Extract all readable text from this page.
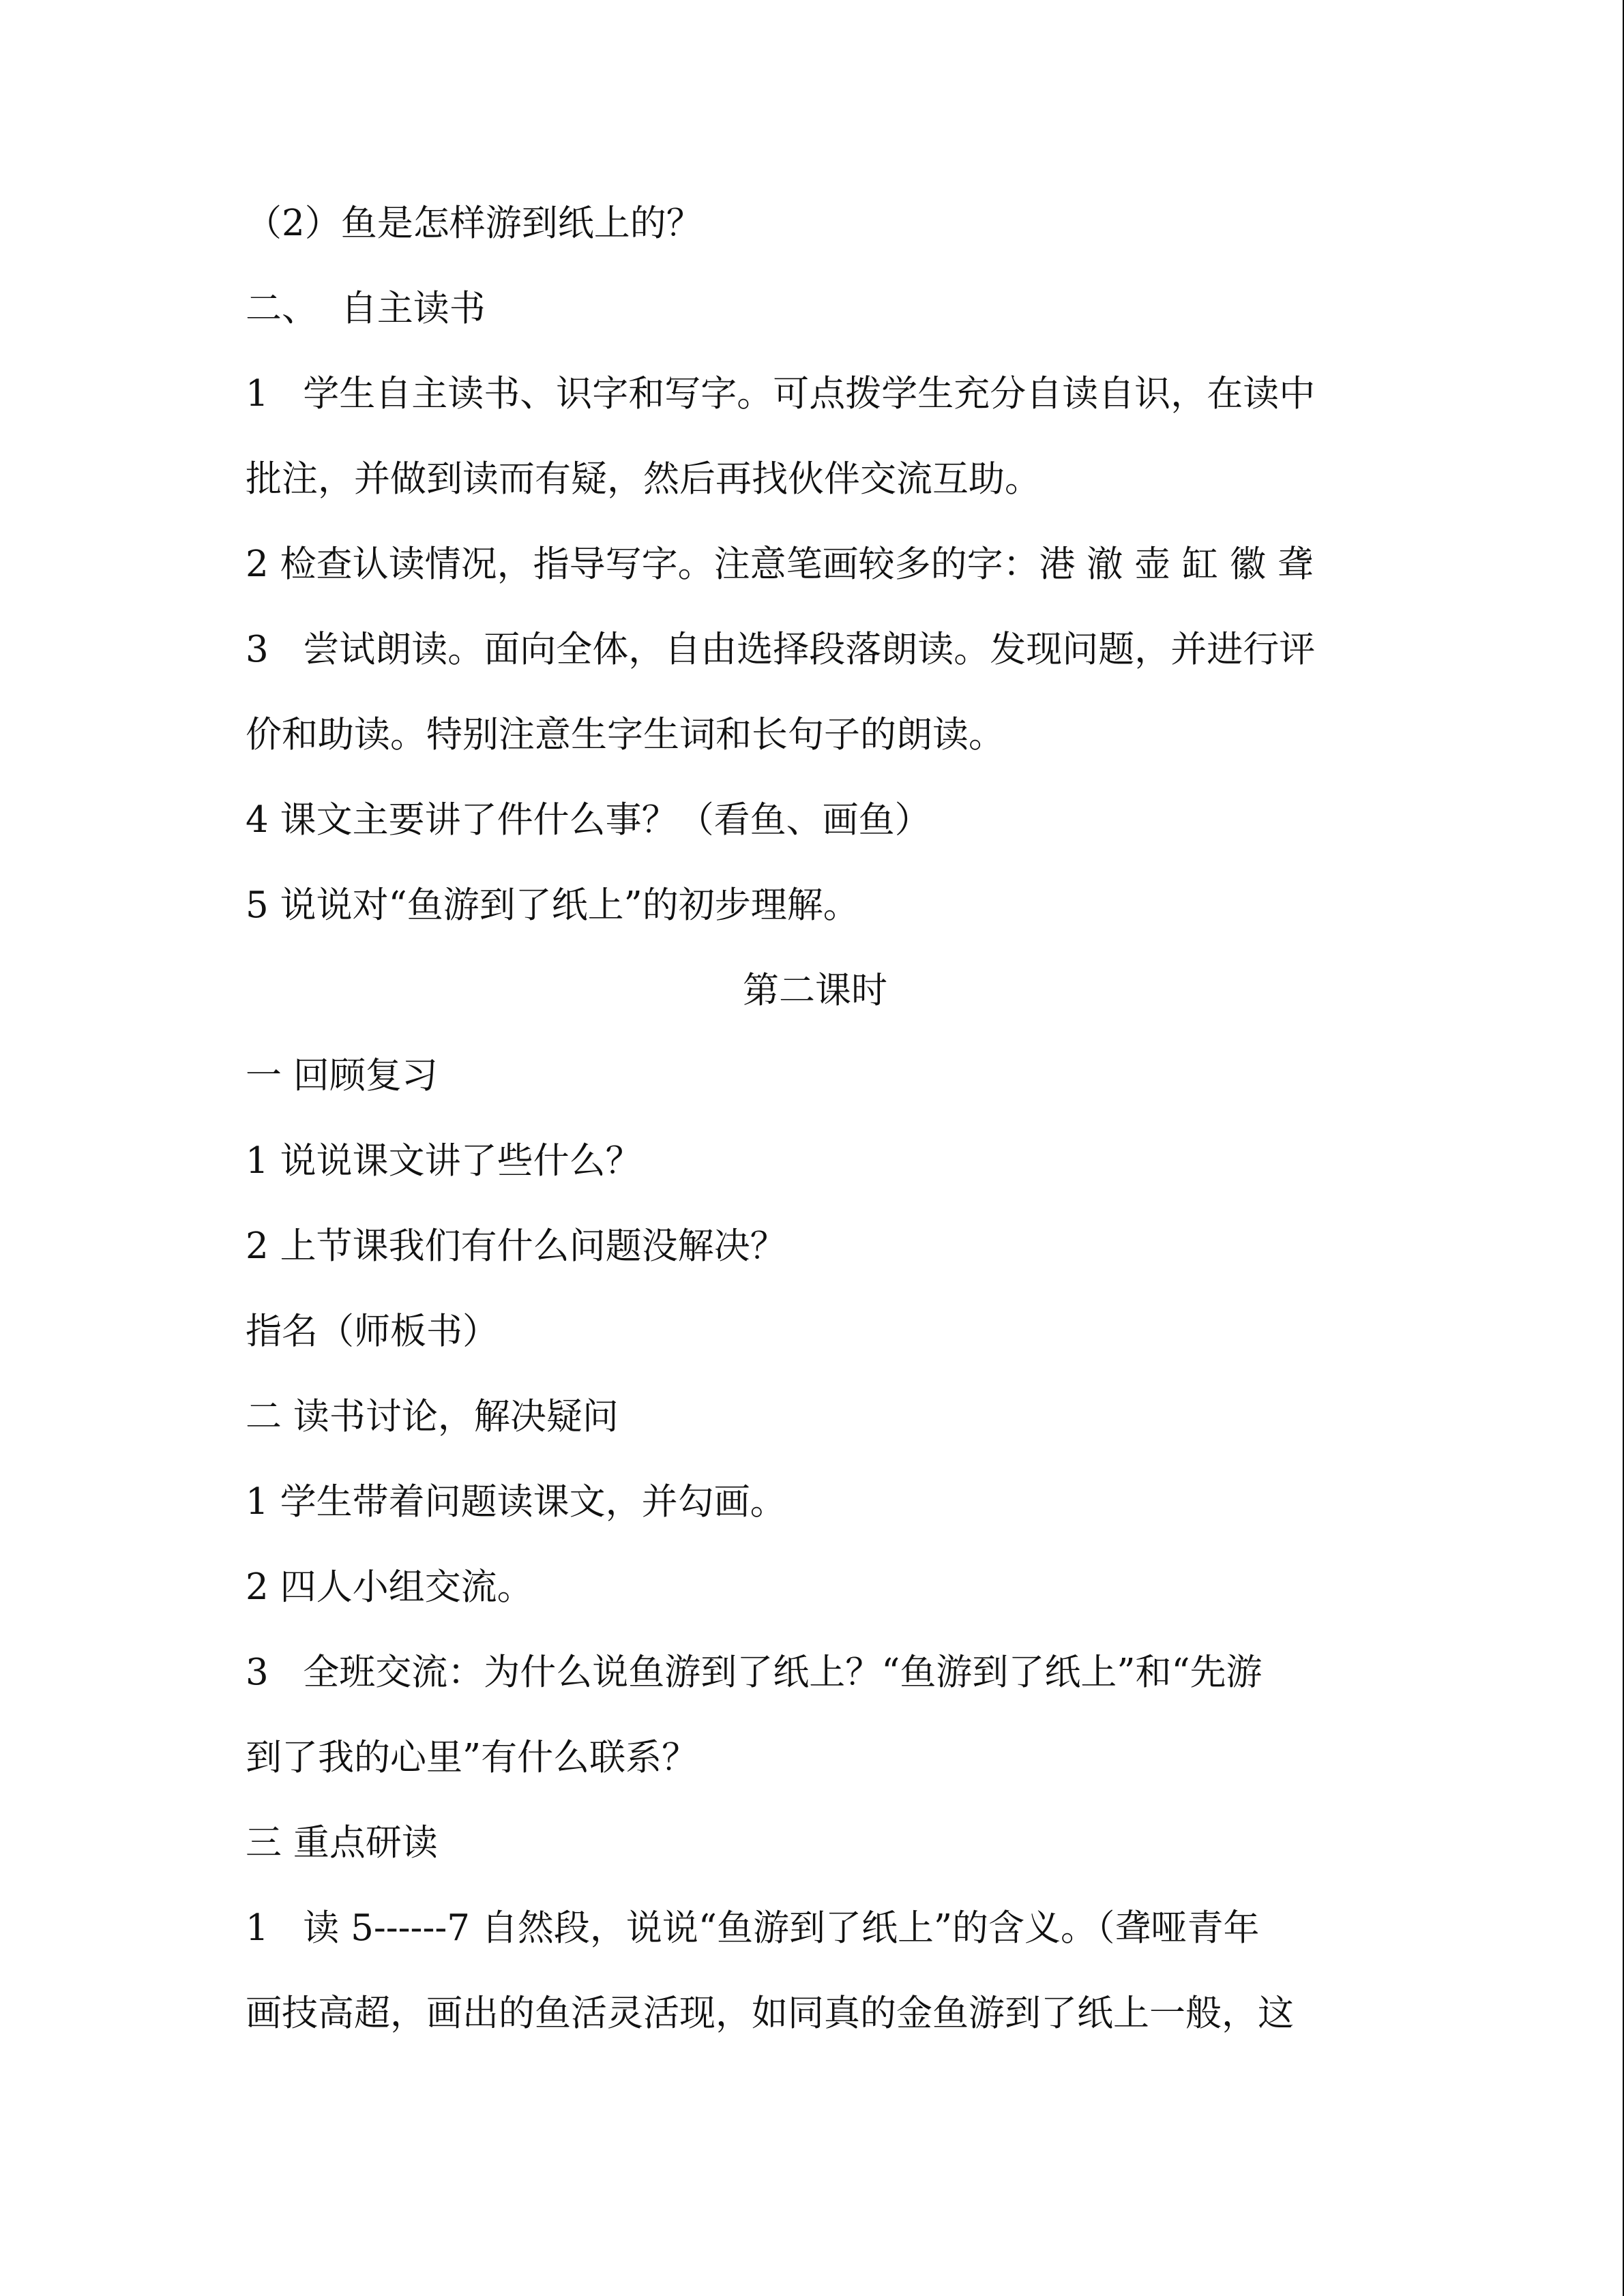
（2）鱼是怎样游到纸上的？
二、  自主读书
1   学生自主读书、识字和写字。可点拨学生充分自读自识，在读中
批注，并做到读而有疑，然后再找伙伴交流互助。
2 检查认读情况，指导写字。注意笔画较多的字：港 澈 壶 缸 徽 聋
3   尝试朗读。面向全体，自由选择段落朗读。发现问题，并进行评
价和助读。特别注意生字生词和长句子的朗读。
4 课文主要讲了件什么事？（看鱼、画鱼）
5 说说对“鱼游到了纸上”的初步理解。
第二课时
一 回顾复习
1 说说课文讲了些什么？
2 上节课我们有什么问题没解决？
指名（师板书）
二 读书讨论，解决疑问
1 学生带着问题读课文，并勾画。
2 四人小组交流。
3   全班交流：为什么说鱼游到了纸上？“鱼游到了纸上”和“先游
到了我的心里”有什么联系？
三 重点研读
1   读 5------7 自然段，说说“鱼游到了纸上”的含义。（聋哑青年
画技高超，画出的鱼活灵活现，如同真的金鱼游到了纸上一般，这
